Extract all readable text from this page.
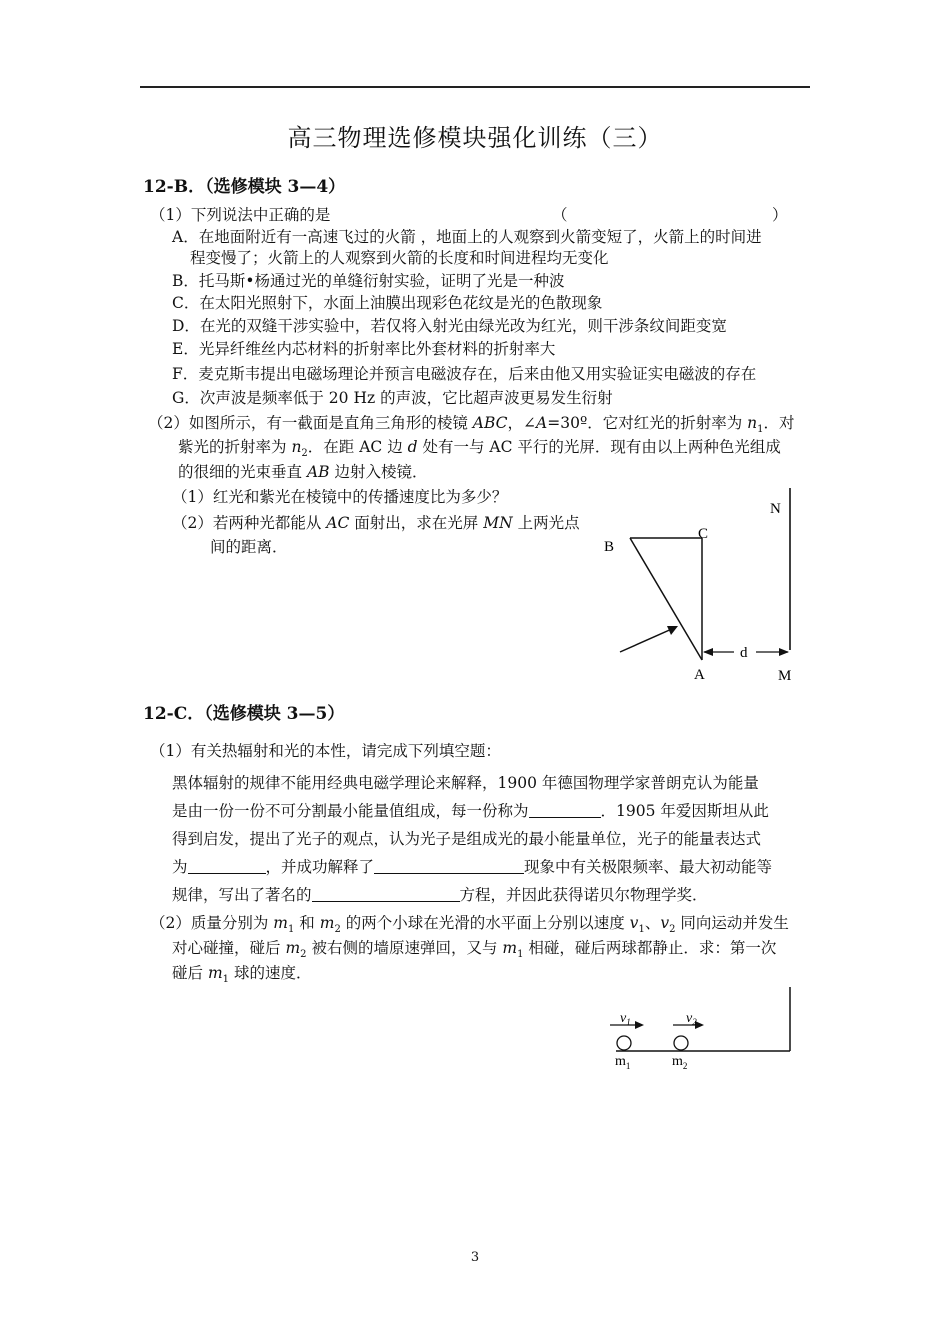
高三物理选修模块强化训练（三）
12-B．（选修模块 3—4）
（1）下列说法中正确的是	（	）
A．在地面附近有一高速飞过的火箭 ，地面上的人观察到火箭变短了，火箭上的时间进
程变慢了；火箭上的人观察到火箭的长度和时间进程均无变化
B．托马斯•杨通过光的单缝衍射实验，证明了光是一种波
C．在太阳光照射下，水面上油膜出现彩色花纹是光的色散现象
D．在光的双缝干涉实验中，若仅将入射光由绿光改为红光，则干涉条纹间距变宽
E．光异纤维丝内芯材料的折射率比外套材料的折射率大
F．麦克斯韦提出电磁场理论并预言电磁波存在，后来由他又用实验证实电磁波的存在
G．次声波是频率低于 20 Hz 的声波，它比超声波更易发生衍射
（2）如图所示，有一截面是直角三角形的棱镜 ABC，∠A=30º．它对红光的折射率为 $n_1$．对
紫光的折射率为 $n_2$．在距 AC 边 d 处有一与 AC 平行的光屏．现有由以上两种色光组成
的很细的光束垂直 AB 边射入棱镜．
（1）红光和紫光在棱镜中的传播速度比为多少？
（2）若两种光都能从 AC 面射出，求在光屏 MN 上两光点
间的距离．
N
C
B
A
d
M
12-C．（选修模块 3—5）
（1）有关热辐射和光的本性，请完成下列填空题：
黑体辐射的规律不能用经典电磁学理论来解释，1900 年德国物理学家普朗克认为能量
是由一份一份不可分割最小能量值组成，每一份称为	．1905 年爱因斯坦从此
得到启发，提出了光子的观点，认为光子是组成光的最小能量单位，光子的能量表达式
为	，并成功解释了	现象中有关极限频率、最大初动能等
规律，写出了著名的	方程，并因此获得诺贝尔物理学奖．
（2）质量分别为 $m_1$ 和 $m_2$ 的两个小球在光滑的水平面上分别以速度 $v_1$、$v_2$ 同向运动并发生
对心碰撞，碰后 $m_2$ 被右侧的墙原速弹回，又与 $m_1$ 相碰，碰后两球都静止．求：第一次
碰后 $m_1$ 球的速度．
$v_1$	$v_2$
$m_1$	$m_2$
3
